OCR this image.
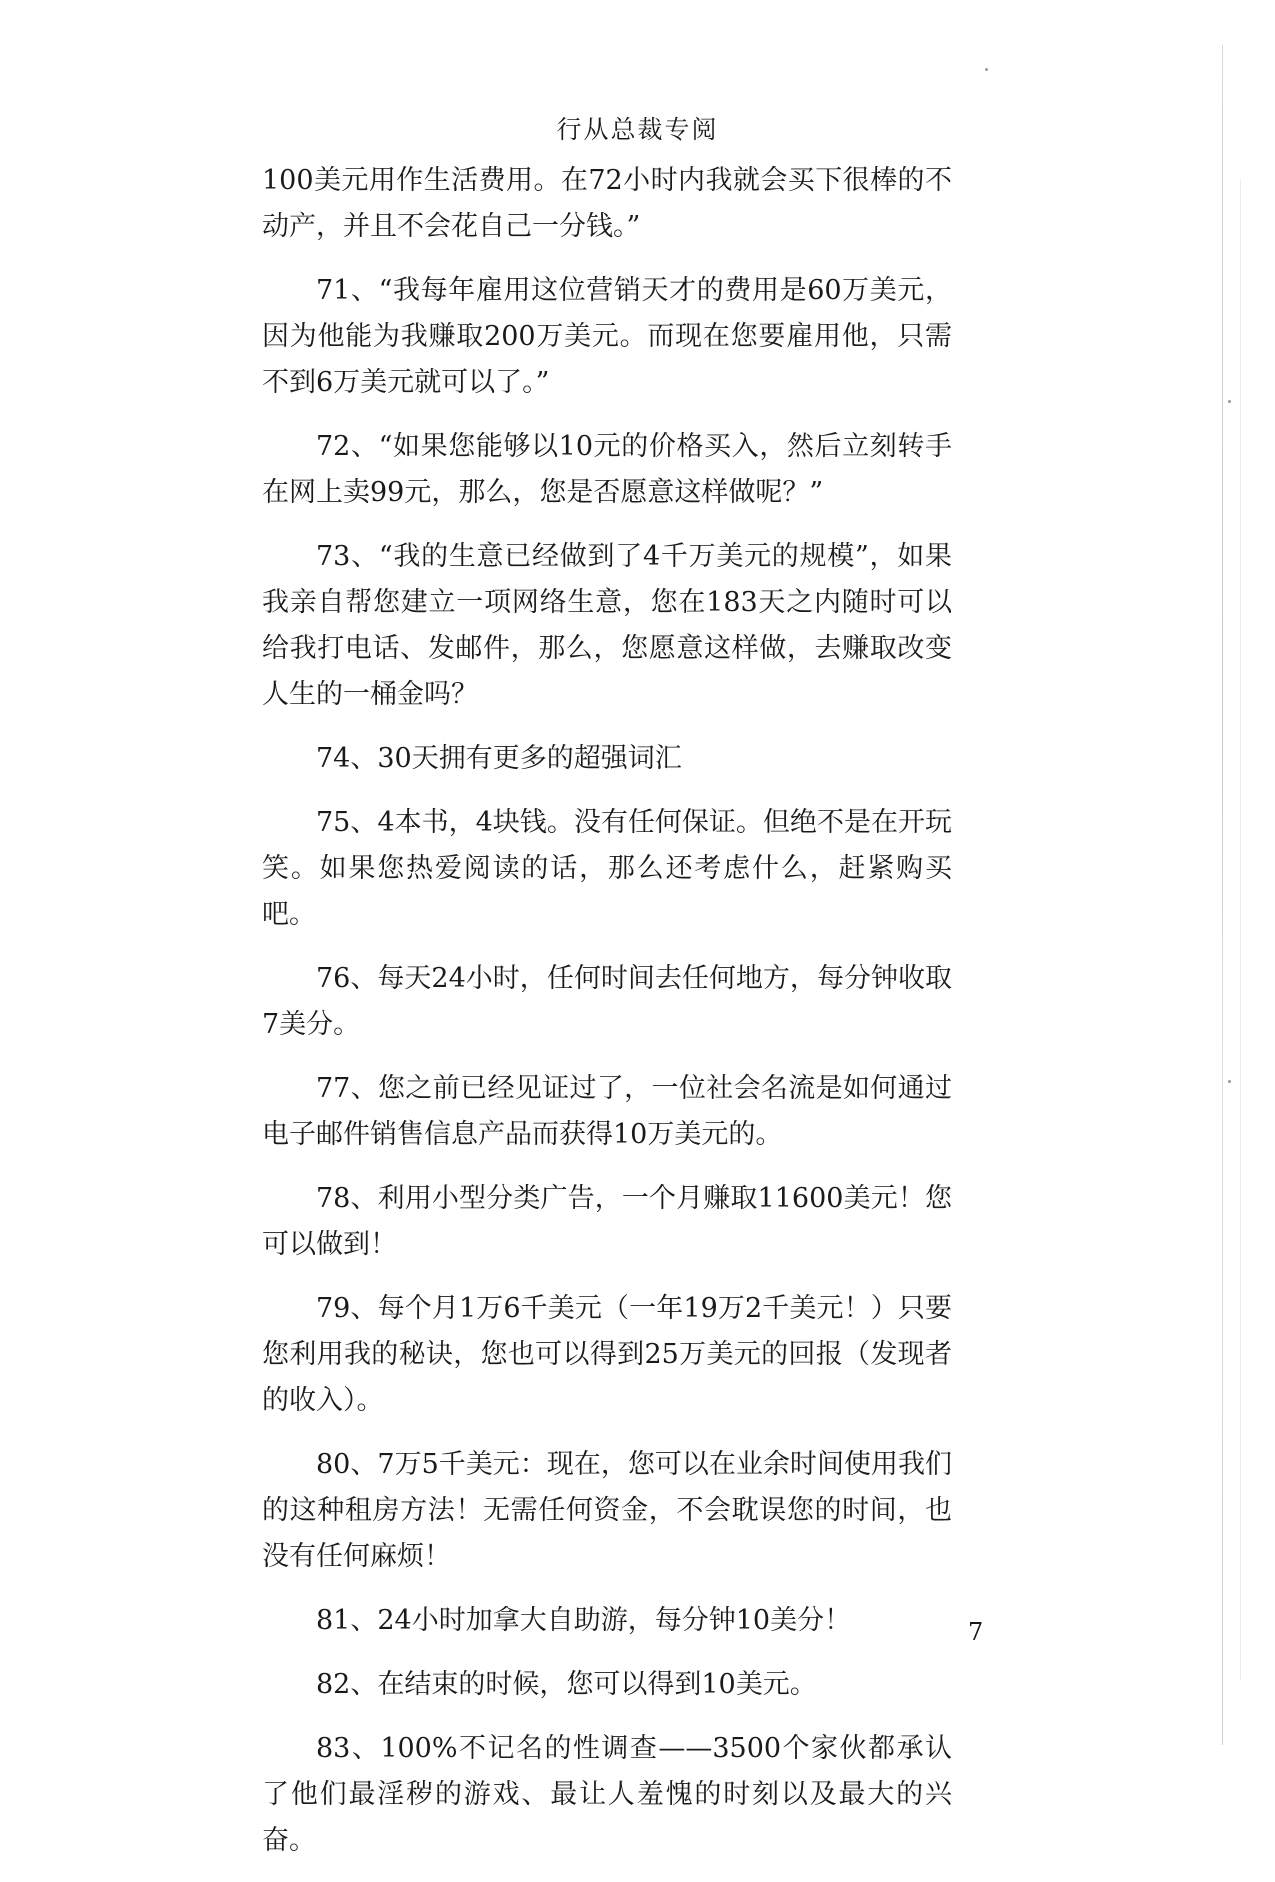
行从总裁专阅

100美元用作生活费用。在72小时内我就会买下很棒的不动产，并且不会花自己一分钱。”

71、“我每年雇用这位营销天才的费用是60万美元，因为他能为我赚取200万美元。而现在您要雇用他，只需不到6万美元就可以了。”

72、“如果您能够以10元的价格买入，然后立刻转手在网上卖99元，那么，您是否愿意这样做呢？”

73、“我的生意已经做到了4千万美元的规模”，如果我亲自帮您建立一项网络生意，您在183天之内随时可以给我打电话、发邮件，那么，您愿意这样做，去赚取改变人生的一桶金吗？

74、30天拥有更多的超强词汇

75、4本书，4块钱。没有任何保证。但绝不是在开玩笑。如果您热爱阅读的话，那么还考虑什么，赶紧购买吧。

76、每天24小时，任何时间去任何地方，每分钟收取7美分。

77、您之前已经见证过了，一位社会名流是如何通过电子邮件销售信息产品而获得10万美元的。

78、利用小型分类广告，一个月赚取11600美元！您可以做到！

79、每个月1万6千美元（一年19万2千美元！）只要您利用我的秘诀，您也可以得到25万美元的回报（发现者的收入）。

80、7万5千美元：现在，您可以在业余时间使用我们的这种租房方法！无需任何资金，不会耽误您的时间，也没有任何麻烦！

81、24小时加拿大自助游，每分钟10美分！

82、在结束的时候，您可以得到10美元。

83、100%不记名的性调查——3500个家伙都承认了他们最淫秽的游戏、最让人羞愧的时刻以及最大的兴奋。

7
